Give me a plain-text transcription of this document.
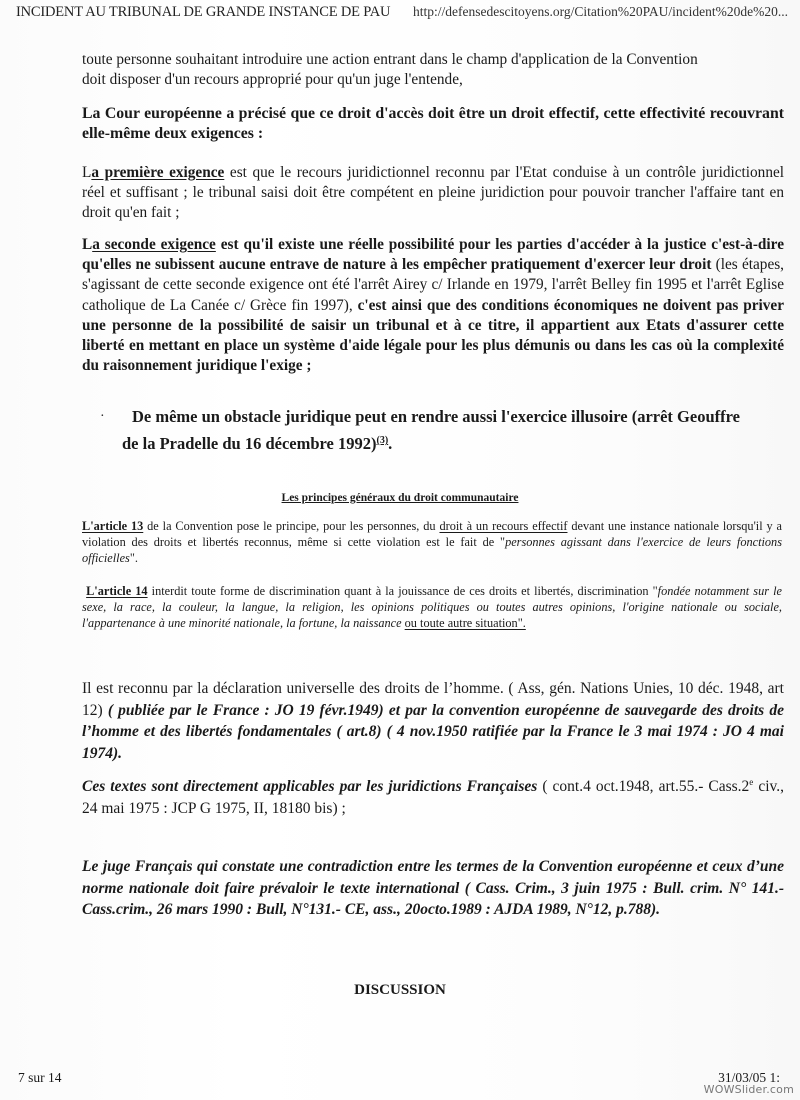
INCIDENT AU TRIBUNAL DE GRANDE INSTANCE DE PAU http://defensedescitoyens.org/Citation%20PAU/incident%20de%20...
toute personne souhaitant introduire une action entrant dans le champ d'application de la Convention
doit disposer d'un recours approprié pour qu'un juge l'entende,
La Cour européenne a précisé que ce droit d'accès doit être un droit effectif, cette effectivité recouvrant elle-même deux exigences :
La première exigence est que le recours juridictionnel reconnu par l'Etat conduise à un contrôle juridictionnel réel et suffisant ; le tribunal saisi doit être compétent en pleine juridiction pour pouvoir trancher l'affaire tant en droit qu'en fait ;
La seconde exigence est qu'il existe une réelle possibilité pour les parties d'accéder à la justice c'est-à-dire qu'elles ne subissent aucune entrave de nature à les empêcher pratiquement d'exercer leur droit (les étapes, s'agissant de cette seconde exigence ont été l'arrêt Airey c/ Irlande en 1979, l'arrêt Belley fin 1995 et l'arrêt Eglise catholique de La Canée c/ Grèce fin 1997), c'est ainsi que des conditions économiques ne doivent pas priver une personne de la possibilité de saisir un tribunal et à ce titre, il appartient aux Etats d'assurer cette liberté en mettant en place un système d'aide légale pour les plus démunis ou dans les cas où la complexité du raisonnement juridique l'exige ;
·	De même un obstacle juridique peut en rendre aussi l'exercice illusoire (arrêt Geouffre
de la Pradelle du 16 décembre 1992)$^{(3)}$.
Les principes généraux du droit communautaire
L'article 13 de la Convention pose le principe, pour les personnes, du droit à un recours effectif devant une instance nationale lorsqu'il y a violation des droits et libertés reconnus, même si cette violation est le fait de "personnes agissant dans l'exercice de leurs fonctions officielles".
L'article 14 interdit toute forme de discrimination quant à la jouissance de ces droits et libertés, discrimination "fondée notamment sur le sexe, la race, la couleur, la langue, la religion, les opinions politiques ou toutes autres opinions, l'origine nationale ou sociale, l'appartenance à une minorité nationale, la fortune, la naissance ou toute autre situation".
Il est reconnu par la déclaration universelle des droits de l’homme. ( Ass, gén. Nations Unies, 10 déc. 1948, art 12) ( publiée par le France : JO 19 févr.1949) et par la convention européenne de sauvegarde des droits de l’homme et des libertés fondamentales ( art.8) ( 4 nov.1950 ratifiée par la France le 3 mai 1974 : JO 4 mai 1974).
Ces textes sont directement applicables par les juridictions Françaises ( cont.4 oct.1948, art.55.- Cass.2e civ., 24 mai 1975 : JCP G 1975, II, 18180 bis) ;
Le juge Français qui constate une contradiction entre les termes de la Convention européenne et ceux d’une norme nationale doit faire prévaloir le texte international ( Cass. Crim., 3 juin 1975 : Bull. crim. N° 141.- Cass.crim., 26 mars 1990 : Bull, N°131.- CE, ass., 20octo.1989 : AJDA 1989, N°12, p.788).
DISCUSSION
7 sur 14	31/03/05 1:
WOWSlider.com
